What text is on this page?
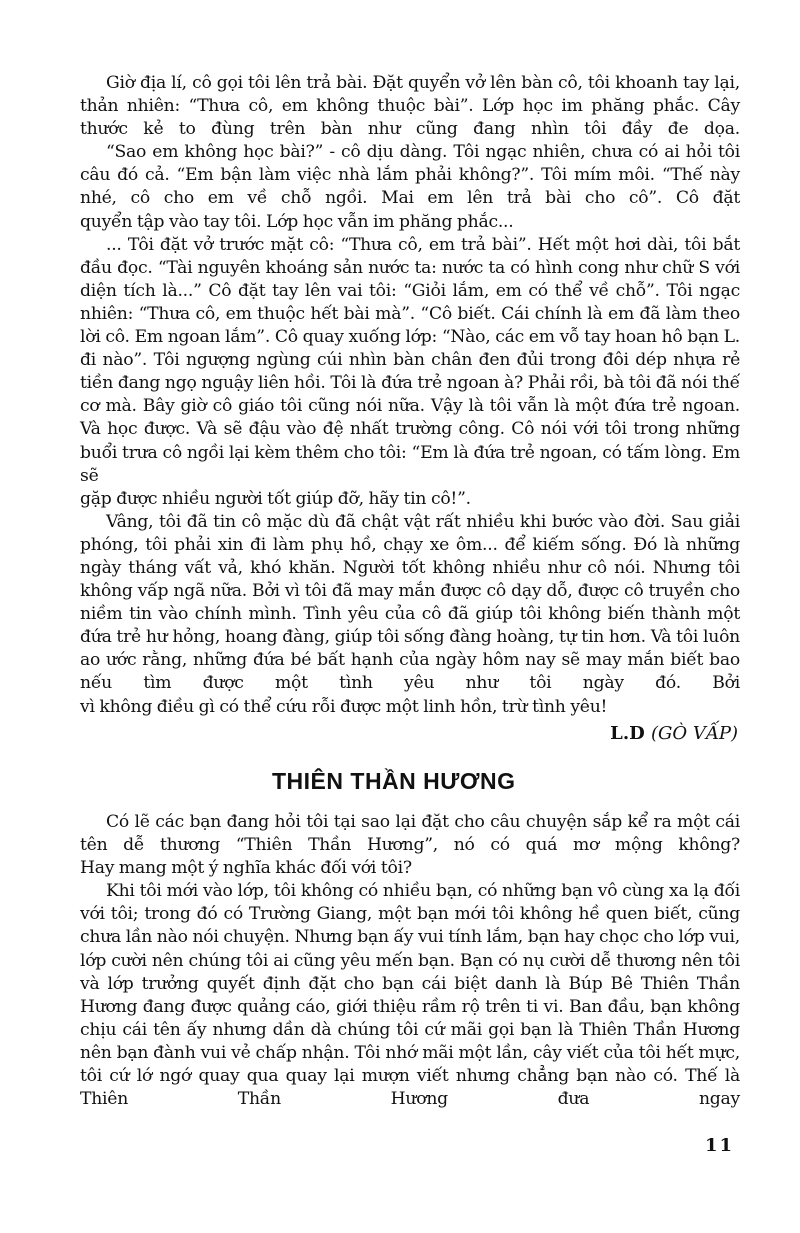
Giờ địa lí, cô gọi tôi lên trả bài. Đặt quyển vở lên bàn cô, tôi khoanh tay lại, thản nhiên: “Thưa cô, em không thuộc bài”. Lớp học im phăng phắc. Cây thước kẻ to đùng trên bàn như cũng đang nhìn tôi đầy đe dọa.

“Sao em không học bài?” - cô dịu dàng. Tôi ngạc nhiên, chưa có ai hỏi tôi câu đó cả. “Em bận làm việc nhà lắm phải không?”. Tôi mím môi. “Thế này nhé, cô cho em về chỗ ngồi. Mai em lên trả bài cho cô”. Cô đặt

quyển tập vào tay tôi. Lớp học vẫn im phăng phắc...

... Tôi đặt vở trước mặt cô: “Thưa cô, em trả bài”. Hết một hơi dài, tôi bắt đầu đọc. “Tài nguyên khoáng sản nước ta: nước ta có hình cong như chữ S với diện tích là...” Cô đặt tay lên vai tôi: “Giỏi lắm, em có thể về chỗ”. Tôi ngạc nhiên: “Thưa cô, em thuộc hết bài mà”. “Cô biết. Cái chính là em đã làm theo lời cô. Em ngoan lắm”. Cô quay xuống lớp: “Nào, các em vỗ tay hoan hô bạn L. đi nào”. Tôi ngượng ngùng cúi nhìn bàn chân đen đủi trong đôi dép nhựa rẻ tiền đang ngọ nguậy liên hồi. Tôi là đứa trẻ ngoan à? Phải rồi, bà tôi đã nói thế cơ mà. Bây giờ cô giáo tôi cũng nói nữa. Vậy là tôi vẫn là một đứa trẻ ngoan. Và học được. Và sẽ đậu vào đệ nhất trường công. Cô nói với tôi trong những buổi trưa cô ngồi lại kèm thêm cho tôi: “Em là đứa trẻ ngoan, có tấm lòng. Em sẽ

gặp được nhiều người tốt giúp đỡ, hãy tin cô!”.

Vâng, tôi đã tin cô mặc dù đã chật vật rất nhiều khi bước vào đời. Sau giải phóng, tôi phải xin đi làm phụ hồ, chạy xe ôm... để kiếm sống. Đó là những ngày tháng vất vả, khó khăn. Người tốt không nhiều như cô nói. Nhưng tôi không vấp ngã nữa. Bởi vì tôi đã may mắn được cô dạy dỗ, được cô truyền cho niềm tin vào chính mình. Tình yêu của cô đã giúp tôi không biến thành một đứa trẻ hư hỏng, hoang đàng, giúp tôi sống đàng hoàng, tự tin hơn. Và tôi luôn ao ước rằng, những đứa bé bất hạnh của ngày hôm nay sẽ may mắn biết bao nếu tìm được một tình yêu như tôi ngày đó. Bởi

vì không điều gì có thể cứu rỗi được một linh hồn, trừ tình yêu!

L.D (GÒ VẤP)
THIÊN THẦN HƯƠNG

Có lẽ các bạn đang hỏi tôi tại sao lại đặt cho câu chuyện sắp kể ra một cái tên dễ thương “Thiên Thần Hương”, nó có quá mơ mộng không?

Hay mang một ý nghĩa khác đối với tôi?

Khi tôi mới vào lớp, tôi không có nhiều bạn, có những bạn vô cùng xa lạ đối với tôi; trong đó có Trường Giang, một bạn mới tôi không hề quen biết, cũng chưa lần nào nói chuyện. Nhưng bạn ấy vui tính lắm, bạn hay chọc cho lớp vui, lớp cười nên chúng tôi ai cũng yêu mến bạn. Bạn có nụ cười dễ thương nên tôi và lớp trưởng quyết định đặt cho bạn cái biệt danh là Búp Bê Thiên Thần Hương đang được quảng cáo, giới thiệu rầm rộ trên ti vi. Ban đầu, bạn không chịu cái tên ấy nhưng dần dà chúng tôi cứ mãi gọi bạn là Thiên Thần Hương nên bạn đành vui vẻ chấp nhận. Tôi nhớ mãi một lần, cây viết của tôi hết mực, tôi cứ lớ ngớ quay qua quay lại mượn viết nhưng chẳng bạn nào có. Thế là Thiên Thần Hương đưa ngay

11
